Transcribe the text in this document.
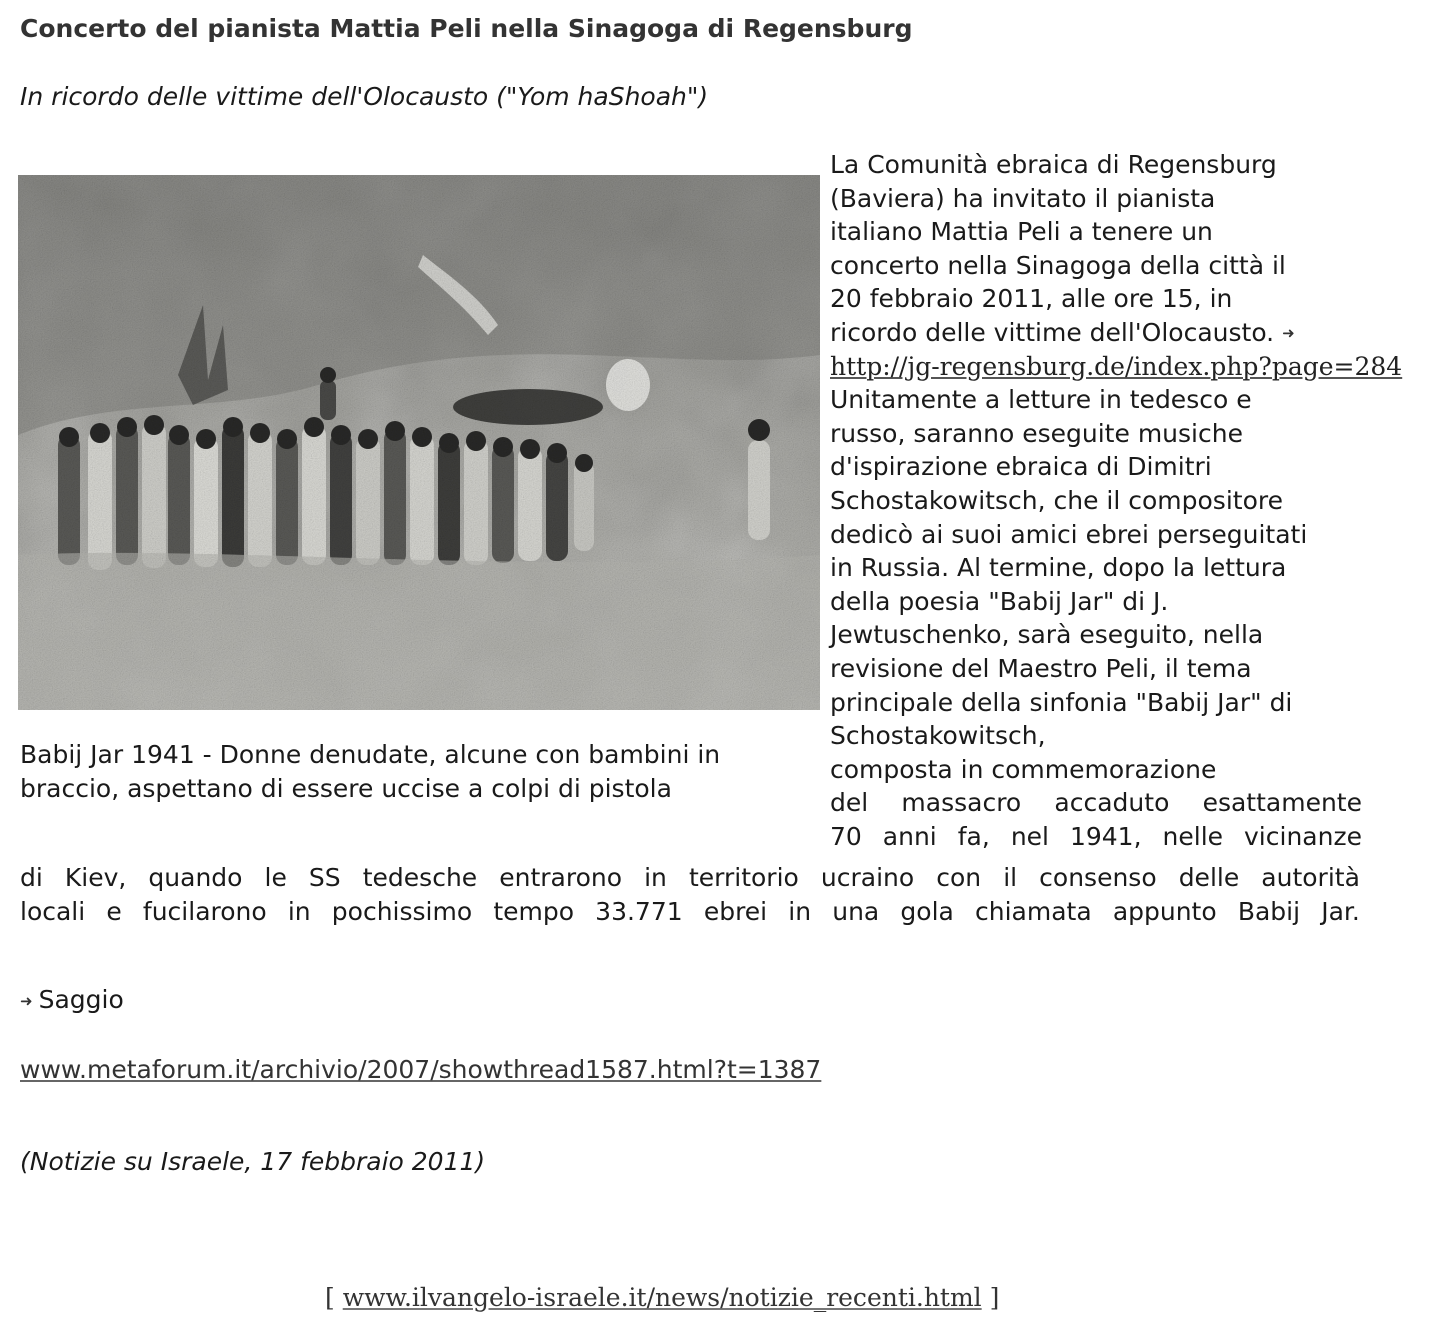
Concerto del pianista Mattia Peli nella Sinagoga di Regensburg
In ricordo delle vittime dell'Olocausto ("Yom haShoah")
Babij Jar 1941 - Donne denudate, alcune con bambini in
braccio, aspettano di essere uccise a colpi di pistola
La Comunità ebraica di Regensburg
(Baviera) ha invitato il pianista
italiano Mattia Peli a tenere un
concerto nella Sinagoga della città il
20 febbraio 2011, alle ore 15, in
ricordo delle vittime dell'Olocausto. ➜
http://jg-regensburg.de/index.php?page=284
Unitamente a letture in tedesco e
russo, saranno eseguite musiche
d'ispirazione ebraica di Dimitri
Schostakowitsch, che il compositore
dedicò ai suoi amici ebrei perseguitati
in Russia. Al termine, dopo la lettura
della poesia "Babij Jar" di J.
Jewtuschenko, sarà eseguito, nella
revisione del Maestro Peli, il tema
principale della sinfonia "Babij Jar" di
Schostakowitsch,
composta in commemorazione
del massacro accaduto esattamente
70 anni fa, nel 1941, nelle vicinanze
di Kiev, quando le SS tedesche entrarono in territorio ucraino con il consenso delle autorità
locali e fucilarono in pochissimo tempo 33.771 ebrei in una gola chiamata appunto Babij Jar.
➜ Saggio
www.metaforum.it/archivio/2007/showthread1587.html?t=1387
(Notizie su Israele, 17 febbraio 2011)
[ www.ilvangelo-israele.it/news/notizie_recenti.html ]
